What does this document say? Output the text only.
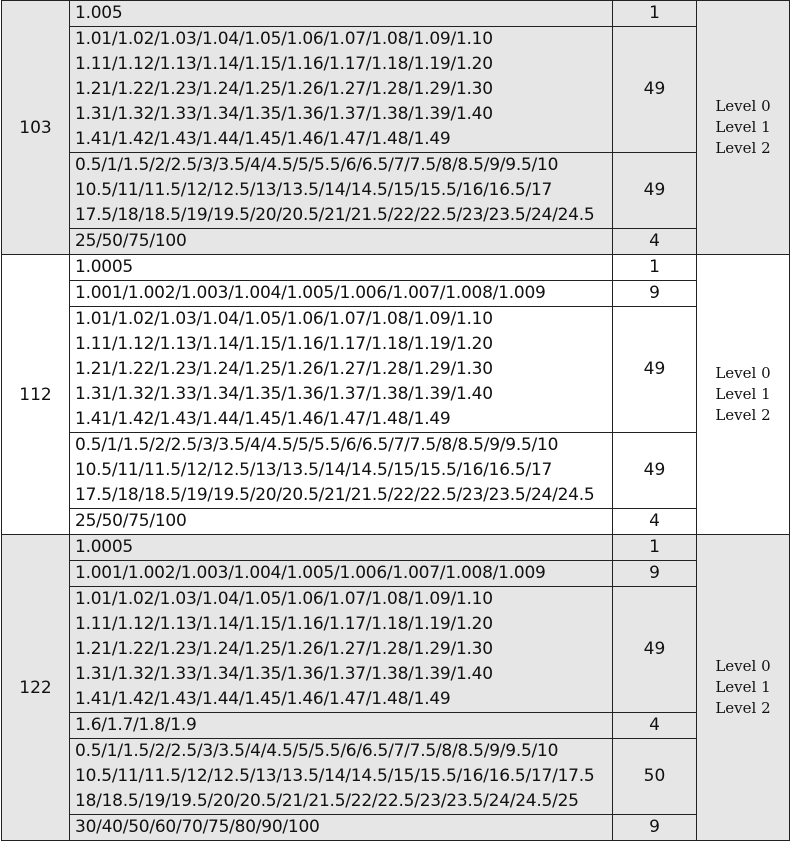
103	1.005	1	Level 0
Level 1
Level 2

	1.01/1.02/1.03/1.04/1.05/1.06/1.07/1.08/1.09/1.10
1.11/1.12/1.13/1.14/1.15/1.16/1.17/1.18/1.19/1.20
1.21/1.22/1.23/1.24/1.25/1.26/1.27/1.28/1.29/1.30
1.31/1.32/1.33/1.34/1.35/1.36/1.37/1.38/1.39/1.40
1.41/1.42/1.43/1.44/1.45/1.46/1.47/1.48/1.49	49	

	0.5/1/1.5/2/2.5/3/3.5/4/4.5/5/5.5/6/6.5/7/7.5/8/8.5/9/9.5/10
10.5/11/11.5/12/12.5/13/13.5/14/14.5/15/15.5/16/16.5/17
17.5/18/18.5/19/19.5/20/20.5/21/21.5/22/22.5/23/23.5/24/24.5	49	

	25/50/75/100	4	
112	1.0005	1	Level 0
Level 1
Level 2

	1.001/1.002/1.003/1.004/1.005/1.006/1.007/1.008/1.009	9	

	1.01/1.02/1.03/1.04/1.05/1.06/1.07/1.08/1.09/1.10
1.11/1.12/1.13/1.14/1.15/1.16/1.17/1.18/1.19/1.20
1.21/1.22/1.23/1.24/1.25/1.26/1.27/1.28/1.29/1.30
1.31/1.32/1.33/1.34/1.35/1.36/1.37/1.38/1.39/1.40
1.41/1.42/1.43/1.44/1.45/1.46/1.47/1.48/1.49	49	

	0.5/1/1.5/2/2.5/3/3.5/4/4.5/5/5.5/6/6.5/7/7.5/8/8.5/9/9.5/10
10.5/11/11.5/12/12.5/13/13.5/14/14.5/15/15.5/16/16.5/17
17.5/18/18.5/19/19.5/20/20.5/21/21.5/22/22.5/23/23.5/24/24.5	49	

	25/50/75/100	4	
122	1.0005	1	Level 0
Level 1
Level 2

	1.001/1.002/1.003/1.004/1.005/1.006/1.007/1.008/1.009	9	

	1.01/1.02/1.03/1.04/1.05/1.06/1.07/1.08/1.09/1.10
1.11/1.12/1.13/1.14/1.15/1.16/1.17/1.18/1.19/1.20
1.21/1.22/1.23/1.24/1.25/1.26/1.27/1.28/1.29/1.30
1.31/1.32/1.33/1.34/1.35/1.36/1.37/1.38/1.39/1.40
1.41/1.42/1.43/1.44/1.45/1.46/1.47/1.48/1.49	49	

	1.6/1.7/1.8/1.9	4	

	0.5/1/1.5/2/2.5/3/3.5/4/4.5/5/5.5/6/6.5/7/7.5/8/8.5/9/9.5/10
10.5/11/11.5/12/12.5/13/13.5/14/14.5/15/15.5/16/16.5/17/17.5
18/18.5/19/19.5/20/20.5/21/21.5/22/22.5/23/23.5/24/24.5/25	50	

	30/40/50/60/70/75/80/90/100	9	
